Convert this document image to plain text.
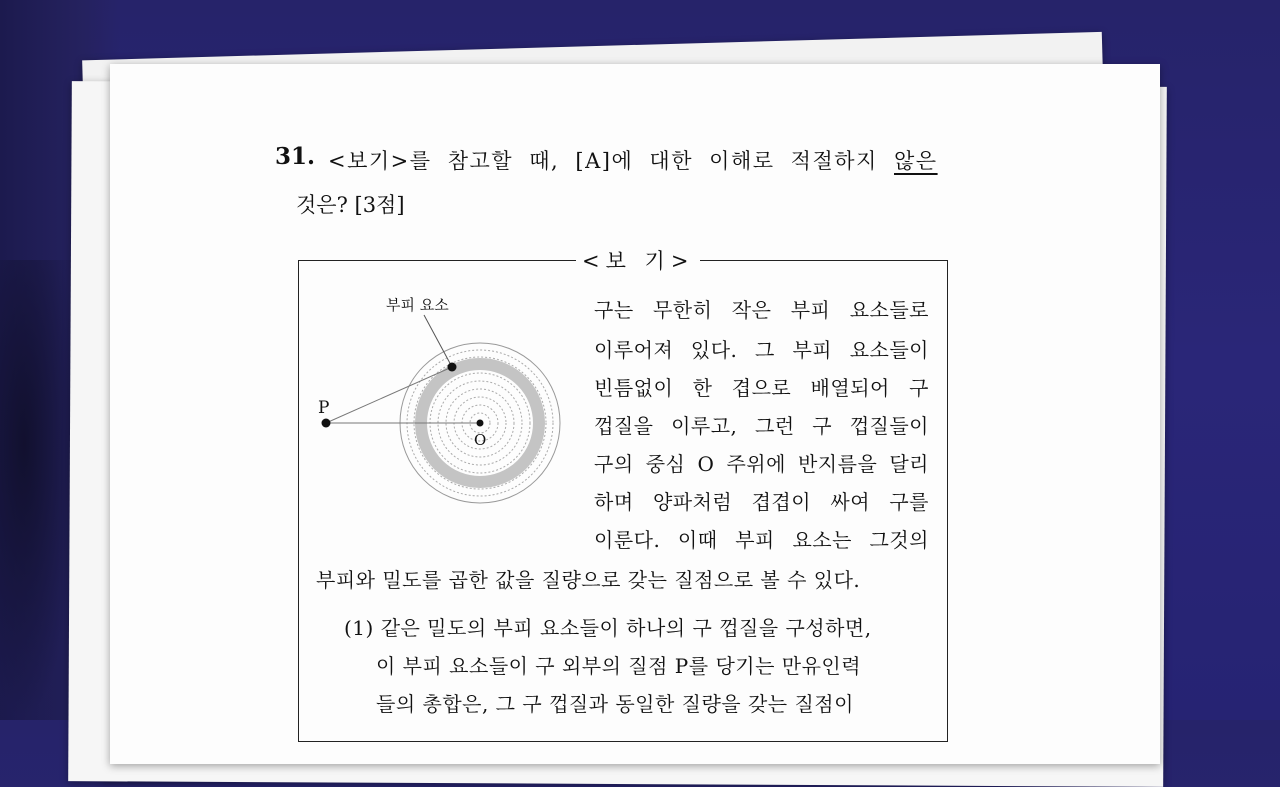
31. <보기>를 참고할 때, [A]에 대한 이해로 적절하지 않은
것은? [3점]
<보 기>
부피 요소
P
O
구는 무한히 작은 부피 요소들로
이루어져 있다. 그 부피 요소들이
빈틈없이 한 겹으로 배열되어 구
껍질을 이루고, 그런 구 껍질들이
구의 중심 O 주위에 반지름을 달리
하며 양파처럼 겹겹이 싸여 구를
이룬다. 이때 부피 요소는 그것의
부피와 밀도를 곱한 값을 질량으로 갖는 질점으로 볼 수 있다.
(1) 같은 밀도의 부피 요소들이 하나의 구 껍질을 구성하면,
이 부피 요소들이 구 외부의 질점 P를 당기는 만유인력
들의 총합은, 그 구 껍질과 동일한 질량을 갖는 질점이
